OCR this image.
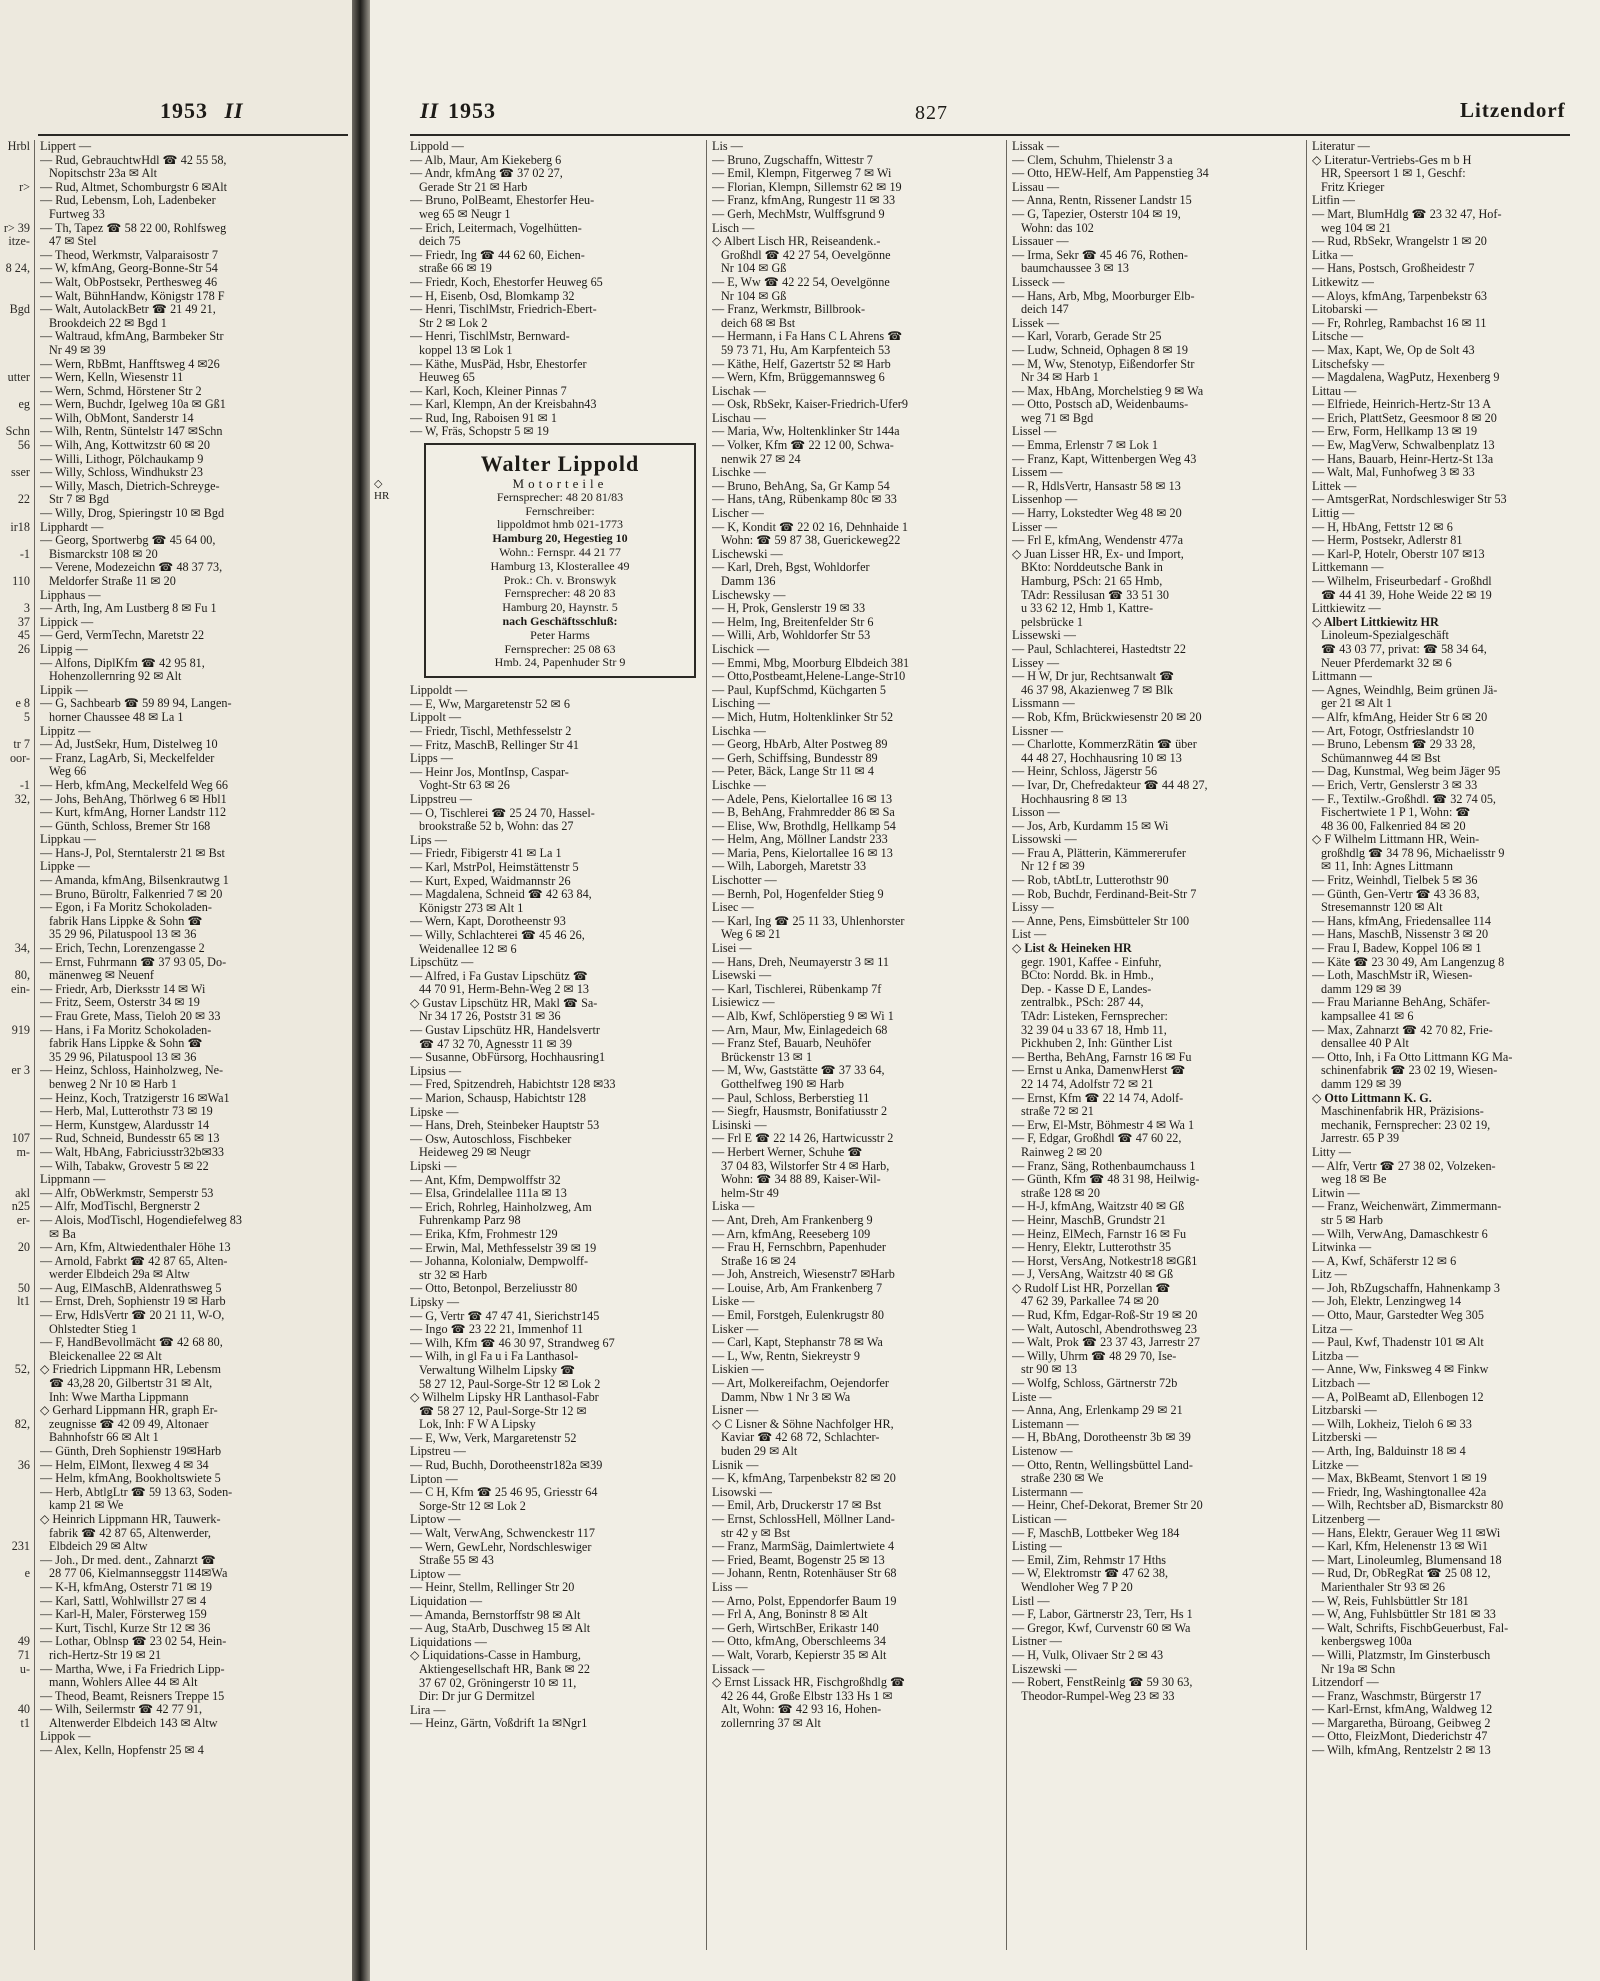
Hrbl
r>
r> 39
itze-
8 24,
Bgd
utter
eg
Schn
56
sser
22
ir18
-1
110
3
37
45
26
e 8
5
tr 7
oor-
-1
32,
34,
80,
ein-
919
er 3
107
m-
akl
n25
er-
20
50
lt1
52,
82,
36
231
e
49
71
u-
40
t1
1953 II
Lippert —
— Rud, GebrauchtwHdl ☎ 42 55 58,
Nopitschstr 23a ✉ Alt
— Rud, Altmet, Schomburgstr 6 ✉Alt
— Rud, Lebensm, Loh, Ladenbeker
Furtweg 33
— Th, Tapez ☎ 58 22 00, Rohlfsweg
47 ✉ Stel
— Theod, Werkmstr, Valparaisostr 7
— W, kfmAng, Georg-Bonne-Str 54
— Walt, ObPostsekr, Perthesweg 46
— Walt, BühnHandw, Königstr 178 F
— Walt, AutolackBetr ☎ 21 49 21,
Brookdeich 22 ✉ Bgd 1
— Waltraud, kfmAng, Barmbeker Str
Nr 49 ✉ 39
— Wern, RbBmt, Hanfftsweg 4 ✉26
— Wern, Kelln, Wiesenstr 11
— Wern, Schmd, Hörstener Str 2
— Wern, Buchdr, Igelweg 10a ✉ Gß1
— Wilh, ObMont, Sanderstr 14
— Wilh, Rentn, Süntelstr 147 ✉Schn
— Wilh, Ang, Kottwitzstr 60 ✉ 20
— Willi, Lithogr, Pölchaukamp 9
— Willy, Schloss, Windhukstr 23
— Willy, Masch, Dietrich-Schreyge-
Str 7 ✉ Bgd
— Willy, Drog, Spieringstr 10 ✉ Bgd
Lipphardt —
— Georg, Sportwerbg ☎ 45 64 00,
Bismarckstr 108 ✉ 20
— Verene, Modezeichn ☎ 48 37 73,
Meldorfer Straße 11 ✉ 20
Lipphaus —
— Arth, Ing, Am Lustberg 8 ✉ Fu 1
Lippick —
— Gerd, VermTechn, Maretstr 22
Lippig —
— Alfons, DiplKfm ☎ 42 95 81,
Hohenzollernring 92 ✉ Alt
Lippik —
— G, Sachbearb ☎ 59 89 94, Langen-
horner Chaussee 48 ✉ La 1
Lippitz —
— Ad, JustSekr, Hum, Distelweg 10
— Franz, LagArb, Si, Meckelfelder
Weg 66
— Herb, kfmAng, Meckelfeld Weg 66
— Johs, BehAng, Thörlweg 6 ✉ Hbl1
— Kurt, kfmAng, Horner Landstr 112
— Günth, Schloss, Bremer Str 168
Lippkau —
— Hans-J, Pol, Sterntalerstr 21 ✉ Bst
Lippke —
— Amanda, kfmAng, Bilsenkrautwg 1
— Bruno, Büroltr, Falkenried 7 ✉ 20
— Egon, i Fa Moritz Schokoladen-
fabrik Hans Lippke & Sohn ☎
35 29 96, Pilatuspool 13 ✉ 36
— Erich, Techn, Lorenzengasse 2
— Ernst, Fuhrmann ☎ 37 93 05, Do-
mänenweg ✉ Neuenf
— Friedr, Arb, Dierksstr 14 ✉ Wi
— Fritz, Seem, Osterstr 34 ✉ 19
— Frau Grete, Mass, Tieloh 20 ✉ 33
— Hans, i Fa Moritz Schokoladen-
fabrik Hans Lippke & Sohn ☎
35 29 96, Pilatuspool 13 ✉ 36
— Heinz, Schloss, Hainholzweg, Ne-
benweg 2 Nr 10 ✉ Harb 1
— Heinz, Koch, Tratzigerstr 16 ✉Wa1
— Herb, Mal, Lutterothstr 73 ✉ 19
— Herm, Kunstgew, Alardusstr 14
— Rud, Schneid, Bundesstr 65 ✉ 13
— Walt, HbAng, Fabriciusstr32b✉33
— Wilh, Tabakw, Grovestr 5 ✉ 22
Lippmann —
— Alfr, ObWerkmstr, Semperstr 53
— Alfr, ModTischl, Bergnerstr 2
— Alois, ModTischl, Hogendiefelweg 83
✉ Ba
— Arn, Kfm, Altwiedenthaler Höhe 13
— Arnold, Fabrkt ☎ 42 87 65, Alten-
werder Elbdeich 29a ✉ Altw
— Aug, ElMaschB, Aldenrathsweg 5
— Ernst, Dreh, Sophienstr 19 ✉ Harb
— Erw, HdlsVertr ☎ 20 21 11, W-O,
Ohlstedter Stieg 1
— F, HandBevollmächt ☎ 42 68 80,
Bleickenallee 22 ✉ Alt
◇ Friedrich Lippmann HR, Lebensm
☎ 43,28 20, Gilbertstr 31 ✉ Alt,
Inh: Wwe Martha Lippmann
◇ Gerhard Lippmann HR, graph Er-
zeugnisse ☎ 42 09 49, Altonaer
Bahnhofstr 66 ✉ Alt 1
— Günth, Dreh Sophienstr 19✉Harb
— Helm, ElMont, Ilexweg 4 ✉ 34
— Helm, kfmAng, Bookholtswiete 5
— Herb, AbtlgLtr ☎ 59 13 63, Soden-
kamp 21 ✉ We
◇ Heinrich Lippmann HR, Tauwerk-
fabrik ☎ 42 87 65, Altenwerder,
Elbdeich 29 ✉ Altw
— Joh., Dr med. dent., Zahnarzt ☎
28 77 06, Kielmannseggstr 114✉Wa
— K-H, kfmAng, Osterstr 71 ✉ 19
— Karl, Sattl, Wohlwillstr 27 ✉ 4
— Karl-H, Maler, Försterweg 159
— Kurt, Tischl, Kurze Str 12 ✉ 36
— Lothar, Oblnsp ☎ 23 02 54, Hein-
rich-Hertz-Str 19 ✉ 21
— Martha, Wwe, i Fa Friedrich Lipp-
mann, Wohlers Allee 44 ✉ Alt
— Theod, Beamt, Reisners Treppe 15
— Wilh, Seilermstr ☎ 42 77 91,
Altenwerder Elbdeich 143 ✉ Altw
Lippok —
— Alex, Kelln, Hopfenstr 25 ✉ 4
II 1953	827	Litzendorf
Lippold —
— Alb, Maur, Am Kiekeberg 6
— Andr, kfmAng ☎ 37 02 27,
Gerade Str 21 ✉ Harb
— Bruno, PolBeamt, Ehestorfer Heu-
weg 65 ✉ Neugr 1
— Erich, Leitermach, Vogelhütten-
deich 75
— Friedr, Ing ☎ 44 62 60, Eichen-
straße 66 ✉ 19
— Friedr, Koch, Ehestorfer Heuweg 65
— H, Eisenb, Osd, Blomkamp 32
— Henri, TischlMstr, Friedrich-Ebert-
Str 2 ✉ Lok 2
— Henri, TischlMstr, Bernward-
koppel 13 ✉ Lok 1
— Käthe, MusPäd, Hsbr, Ehestorfer
Heuweg 65
— Karl, Koch, Kleiner Pinnas 7
— Karl, Klempn, An der Kreisbahn43
— Rud, Ing, Raboisen 91 ✉ 1
— W, Fräs, Schopstr 5 ✉ 19
Walter Lippold
Motorteile
Fernsprecher: 48 20 81/83
Fernschreiber:
lippoldmot hmb 021-1773
Hamburg 20, Hegestieg 10
Wohn.: Fernspr. 44 21 77
Hamburg 13, Klosterallee 49
Prok.: Ch. v. Bronswyk
Fernsprecher: 48 20 83
Hamburg 20, Haynstr. 5
nach Geschäftsschluß:
Peter Harms
Fernsprecher: 25 08 63
Hmb. 24, Papenhuder Str 9
Lippoldt —
— E, Ww, Margaretenstr 52 ✉ 6
Lippolt —
— Friedr, Tischl, Methfesselstr 2
— Fritz, MaschB, Rellinger Str 41
Lipps —
— Heinr Jos, MontInsp, Caspar-
Voght-Str 63 ✉ 26
Lippstreu —
— O, Tischlerei ☎ 25 24 70, Hassel-
brookstraße 52 b, Wohn: das 27
Lips —
— Friedr, Fibigerstr 41 ✉ La 1
— Karl, MstrPol, Heimstättenstr 5
— Kurt, Exped, Waidmannstr 26
— Magdalena, Schneid ☎ 42 63 84,
Königstr 273 ✉ Alt 1
— Wern, Kapt, Dorotheenstr 93
— Willy, Schlachterei ☎ 45 46 26,
Weidenallee 12 ✉ 6
Lipschütz —
— Alfred, i Fa Gustav Lipschütz ☎
44 70 91, Herm-Behn-Weg 2 ✉ 13
◇ Gustav Lipschütz HR, Makl ☎ Sa-
Nr 34 17 26, Poststr 31 ✉ 36
— Gustav Lipschütz HR, Handelsvertr
☎ 47 32 70, Agnesstr 11 ✉ 39
— Susanne, ObFürsorg, Hochhausring1
Lipsius —
— Fred, Spitzendreh, Habichtstr 128 ✉33
— Marion, Schausp, Habichtstr 128
Lipske —
— Hans, Dreh, Steinbeker Hauptstr 53
— Osw, Autoschloss, Fischbeker
Heideweg 29 ✉ Neugr
Lipski —
— Ant, Kfm, Dempwolffstr 32
— Elsa, Grindelallee 111a ✉ 13
— Erich, Rohrleg, Hainholzweg, Am
Fuhrenkamp Parz 98
— Erika, Kfm, Frohmestr 129
— Erwin, Mal, Methfesselstr 39 ✉ 19
— Johanna, Kolonialw, Dempwolff-
str 32 ✉ Harb
— Otto, Betonpol, Berzeliusstr 80
Lipsky —
— G, Vertr ☎ 47 47 41, Sierichstr145
— Ingo ☎ 23 22 21, Immenhof 11
— Wilh, Kfm ☎ 46 30 97, Strandweg 67
— Wilh, in gl Fa u i Fa Lanthasol-
Verwaltung Wilhelm Lipsky ☎
58 27 12, Paul-Sorge-Str 12 ✉ Lok 2
◇ Wilhelm Lipsky HR Lanthasol-Fabr
☎ 58 27 12, Paul-Sorge-Str 12 ✉
Lok, Inh: F W A Lipsky
— E, Ww, Verk, Margaretenstr 52
Lipstreu —
— Rud, Buchh, Dorotheenstr182a ✉39
Lipton —
— C H, Kfm ☎ 25 46 95, Griesstr 64
Sorge-Str 12 ✉ Lok 2
Liptow —
— Walt, VerwAng, Schwenckestr 117
— Wern, GewLehr, Nordschleswiger
Straße 55 ✉ 43
Liptow —
— Heinr, Stellm, Rellinger Str 20
Liquidation —
— Amanda, Bernstorffstr 98 ✉ Alt
— Aug, StaArb, Duschweg 15 ✉ Alt
Liquidations —
◇ Liquidations-Casse in Hamburg,
Aktiengesellschaft HR, Bank ✉ 22
37 67 02, Gröningerstr 10 ✉ 11,
Dir: Dr jur G Dermitzel
Lira —
— Heinz, Gärtn, Voßdrift 1a ✉Ngr1
Lis —
— Bruno, Zugschaffn, Wittestr 7
— Emil, Klempn, Fitgerweg 7 ✉ Wi
— Florian, Klempn, Sillemstr 62 ✉ 19
— Franz, kfmAng, Rungestr 11 ✉ 33
— Gerh, MechMstr, Wulffsgrund 9
Lisch —
◇ Albert Lisch HR, Reiseandenk.-
Großhdl ☎ 42 27 54, Oevelgönne
Nr 104 ✉ Gß
— E, Ww ☎ 42 22 54, Oevelgönne
Nr 104 ✉ Gß
— Franz, Werkmstr, Billbrook-
deich 68 ✉ Bst
— Hermann, i Fa Hans C L Ahrens ☎
59 73 71, Hu, Am Karpfenteich 53
— Käthe, Helf, Gazertstr 52 ✉ Harb
— Wern, Kfm, Brüggemannsweg 6
Lischak —
— Osk, RbSekr, Kaiser-Friedrich-Ufer9
Lischau —
— Maria, Ww, Holtenklinker Str 144a
— Volker, Kfm ☎ 22 12 00, Schwa-
nenwik 27 ✉ 24
Lischke —
— Bruno, BehAng, Sa, Gr Kamp 54
— Hans, tAng, Rübenkamp 80c ✉ 33
Lischer —
— K, Kondit ☎ 22 02 16, Dehnhaide 1
Wohn: ☎ 59 87 38, Guerickeweg22
Lischewski —
— Karl, Dreh, Bgst, Wohldorfer
Damm 136
Lischewsky —
— H, Prok, Genslerstr 19 ✉ 33
— Helm, Ing, Breitenfelder Str 6
— Willi, Arb, Wohldorfer Str 53
Lischick —
— Emmi, Mbg, Moorburg Elbdeich 381
— Otto,Postbeamt,Helene-Lange-Str10
— Paul, KupfSchmd, Küchgarten 5
Lisching —
— Mich, Hutm, Holtenklinker Str 52
Lischka —
— Georg, HbArb, Alter Postweg 89
— Gerh, Schiffsing, Bundesstr 89
— Peter, Bäck, Lange Str 11 ✉ 4
Lischke —
— Adele, Pens, Kielortallee 16 ✉ 13
— B, BehAng, Frahmredder 86 ✉ Sa
— Elise, Ww, Brothdlg, Hellkamp 54
— Helm, Ang, Möllner Landstr 233
— Maria, Pens, Kielortallee 16 ✉ 13
— Wilh, Laborgeh, Maretstr 33
Lischotter —
— Bernh, Pol, Hogenfelder Stieg 9
Lisec —
— Karl, Ing ☎ 25 11 33, Uhlenhorster
Weg 6 ✉ 21
Lisei —
— Hans, Dreh, Neumayerstr 3 ✉ 11
Lisewski —
— Karl, Tischlerei, Rübenkamp 7f
Lisiewicz —
— Alb, Kwf, Schlöperstieg 9 ✉ Wi 1
— Arn, Maur, Mw, Einlagedeich 68
— Franz Stef, Bauarb, Neuhöfer
Brückenstr 13 ✉ 1
— M, Ww, Gaststätte ☎ 37 33 64,
Gotthelfweg 190 ✉ Harb
— Paul, Schloss, Berberstieg 11
— Siegfr, Hausmstr, Bonifatiusstr 2
Lisinski —
— Frl E ☎ 22 14 26, Hartwicusstr 2
— Herbert Werner, Schuhe ☎
37 04 83, Wilstorfer Str 4 ✉ Harb,
Wohn: ☎ 34 88 89, Kaiser-Wil-
helm-Str 49
Liska —
— Ant, Dreh, Am Frankenberg 9
— Arn, kfmAng, Reeseberg 109
— Frau H, Fernschbrn, Papenhuder
Straße 16 ✉ 24
— Joh, Anstreich, Wiesenstr7 ✉Harb
— Louise, Arb, Am Frankenberg 7
Liske —
— Emil, Forstgeh, Eulenkrugstr 80
Lisker —
— Carl, Kapt, Stephanstr 78 ✉ Wa
— L, Ww, Rentn, Siekreystr 9
Liskien —
— Art, Molkereifachm, Oejendorfer
Damm, Nbw 1 Nr 3 ✉ Wa
Lisner —
◇ C Lisner & Söhne Nachfolger HR,
Kaviar ☎ 42 68 72, Schlachter-
buden 29 ✉ Alt
Lisnik —
— K, kfmAng, Tarpenbekstr 82 ✉ 20
Lisowski —
— Emil, Arb, Druckerstr 17 ✉ Bst
— Ernst, SchlossHell, Möllner Land-
str 42 y ✉ Bst
— Franz, MarmSäg, Daimlertwiete 4
— Fried, Beamt, Bogenstr 25 ✉ 13
— Johann, Rentn, Rotenhäuser Str 68
Liss —
— Arno, Polst, Eppendorfer Baum 19
— Frl A, Ang, Boninstr 8 ✉ Alt
— Gerh, WirtschBer, Erikastr 140
— Otto, kfmAng, Oberschleems 34
— Walt, Vorarb, Kepierstr 35 ✉ Alt
Lissack —
◇ Ernst Lissack HR, Fischgroßhdlg ☎
42 26 44, Große Elbstr 133 Hs 1 ✉
Alt, Wohn: ☎ 42 93 16, Hohen-
zollernring 37 ✉ Alt
Lissak —
— Clem, Schuhm, Thielenstr 3 a
— Otto, HEW-Helf, Am Pappenstieg 34
Lissau —
— Anna, Rentn, Rissener Landstr 15
— G, Tapezier, Osterstr 104 ✉ 19,
Wohn: das 102
Lissauer —
— Irma, Sekr ☎ 45 46 76, Rothen-
baumchaussee 3 ✉ 13
Lisseck —
— Hans, Arb, Mbg, Moorburger Elb-
deich 147
Lissek —
— Karl, Vorarb, Gerade Str 25
— Ludw, Schneid, Ophagen 8 ✉ 19
— M, Ww, Stenotyp, Eißendorfer Str
Nr 34 ✉ Harb 1
— Max, HbAng, Morchelstieg 9 ✉ Wa
— Otto, Postsch aD, Weidenbaums-
weg 71 ✉ Bgd
Lissel —
— Emma, Erlenstr 7 ✉ Lok 1
— Franz, Kapt, Wittenbergen Weg 43
Lissem —
— R, HdlsVertr, Hansastr 58 ✉ 13
Lissenhop —
— Harry, Lokstedter Weg 48 ✉ 20
Lisser —
— Frl E, kfmAng, Wendenstr 477a
◇ Juan Lisser HR, Ex- und Import,
BKto: Norddeutsche Bank in
Hamburg, PSch: 21 65 Hmb,
TAdr: Ressilusan ☎ 33 51 30
u 33 62 12, Hmb 1, Kattre-
pelsbrücke 1
Lissewski —
— Paul, Schlachterei, Hastedtstr 22
Lissey —
— H W, Dr jur, Rechtsanwalt ☎
46 37 98, Akazienweg 7 ✉ Blk
Lissmann —
— Rob, Kfm, Brückwiesenstr 20 ✉ 20
Lissner —
— Charlotte, KommerzRätin ☎ über
44 48 27, Hochhausring 10 ✉ 13
— Heinr, Schloss, Jägerstr 56
— Ivar, Dr, Chefredakteur ☎ 44 48 27,
Hochhausring 8 ✉ 13
Lisson —
— Jos, Arb, Kurdamm 15 ✉ Wi
Lissowski —
— Frau A, Plätterin, Kämmererufer
Nr 12 f ✉ 39
— Rob, tAbtLtr, Lutterothstr 90
— Rob, Buchdr, Ferdinand-Beit-Str 7
Lissy —
— Anne, Pens, Eimsbütteler Str 100
List —
◇ List & Heineken HR
gegr. 1901, Kaffee - Einfuhr,
BCto: Nordd. Bk. in Hmb.,
Dep. - Kasse D E, Landes-
zentralbk., PSch: 287 44,
TAdr: Listeken, Fernsprecher:
32 39 04 u 33 67 18, Hmb 11,
Pickhuben 2, Inh: Günther List
— Bertha, BehAng, Farnstr 16 ✉ Fu
— Ernst u Anka, DamenwHerst ☎
22 14 74, Adolfstr 72 ✉ 21
— Ernst, Kfm ☎ 22 14 74, Adolf-
straße 72 ✉ 21
— Erw, El-Mstr, Böhmestr 4 ✉ Wa 1
— F, Edgar, Großhdl ☎ 47 60 22,
Rainweg 2 ✉ 20
— Franz, Säng, Rothenbaumchauss 1
— Günth, Kfm ☎ 48 31 98, Heilwig-
straße 128 ✉ 20
— H-J, kfmAng, Waitzstr 40 ✉ Gß
— Heinr, MaschB, Grundstr 21
— Heinz, ElMech, Farnstr 16 ✉ Fu
— Henry, Elektr, Lutterothstr 35
— Horst, VersAng, Notkestr18 ✉Gß1
— J, VersAng, Waitzstr 40 ✉ Gß
◇ Rudolf List HR, Porzellan ☎
47 62 39, Parkallee 74 ✉ 20
— Rud, Kfm, Edgar-Roß-Str 19 ✉ 20
— Walt, Autoschl, Abendrothsweg 23
— Walt, Prok ☎ 23 37 43, Jarrestr 27
— Willy, Uhrm ☎ 48 29 70, Ise-
str 90 ✉ 13
— Wolfg, Schloss, Gärtnerstr 72b
Liste —
— Anna, Ang, Erlenkamp 29 ✉ 21
Listemann —
— H, BbAng, Dorotheenstr 3b ✉ 39
Listenow —
— Otto, Rentn, Wellingsbüttel Land-
straße 230 ✉ We
Listermann —
— Heinr, Chef-Dekorat, Bremer Str 20
Listican —
— F, MaschB, Lottbeker Weg 184
Listing —
— Emil, Zim, Rehmstr 17 Hths
— W, Elektromstr ☎ 47 62 38,
Wendloher Weg 7 P 20
Listl —
— F, Labor, Gärtnerstr 23, Terr, Hs 1
— Gregor, Kwf, Curvenstr 60 ✉ Wa
Listner —
— H, Vulk, Olivaer Str 2 ✉ 43
Liszewski —
— Robert, FenstReinlg ☎ 59 30 63,
Theodor-Rumpel-Weg 23 ✉ 33
Literatur —
◇ Literatur-Vertriebs-Ges m b H
HR, Speersort 1 ✉ 1, Geschf:
Fritz Krieger
Litfin —
— Mart, BlumHdlg ☎ 23 32 47, Hof-
weg 104 ✉ 21
— Rud, RbSekr, Wrangelstr 1 ✉ 20
Litka —
— Hans, Postsch, Großheidestr 7
Litkewitz —
— Aloys, kfmAng, Tarpenbekstr 63
Litobarski —
— Fr, Rohrleg, Rambachst 16 ✉ 11
Litsche —
— Max, Kapt, We, Op de Solt 43
Litschefsky —
— Magdalena, WagPutz, Hexenberg 9
Littau —
— Elfriede, Heinrich-Hertz-Str 13 A
— Erich, PlattSetz, Geesmoor 8 ✉ 20
— Erw, Form, Hellkamp 13 ✉ 19
— Ew, MagVerw, Schwalbenplatz 13
— Hans, Bauarb, Heinr-Hertz-St 13a
— Walt, Mal, Funhofweg 3 ✉ 33
Littek —
— AmtsgerRat, Nordschleswiger Str 53
Littig —
— H, HbAng, Fettstr 12 ✉ 6
— Herm, Postsekr, Adlerstr 81
— Karl-P, Hotelr, Oberstr 107 ✉13
Littkemann —
— Wilhelm, Friseurbedarf - Großhdl
☎ 44 41 39, Hohe Weide 22 ✉ 19
Littkiewitz —
◇ Albert Littkiewitz HR
Linoleum-Spezialgeschäft
☎ 43 03 77, privat: ☎ 58 34 64,
Neuer Pferdemarkt 32 ✉ 6
Littmann —
— Agnes, Weindhlg, Beim grünen Jä-
ger 21 ✉ Alt 1
— Alfr, kfmAng, Heider Str 6 ✉ 20
— Art, Fotogr, Ostfrieslandstr 10
— Bruno, Lebensm ☎ 29 33 28,
Schümannweg 44 ✉ Bst
— Dag, Kunstmal, Weg beim Jäger 95
— Erich, Vertr, Genslerstr 3 ✉ 33
— F., Textilw.-Großhdl. ☎ 32 74 05,
Fischertwiete 1 P 1, Wohn: ☎
48 36 00, Falkenried 84 ✉ 20
◇ F Wilhelm Littmann HR, Wein-
großhdlg ☎ 34 78 96, Michaelisstr 9
✉ 11, Inh: Agnes Littmann
— Fritz, Weinhdl, Tielbek 5 ✉ 36
— Günth, Gen-Vertr ☎ 43 36 83,
Stresemannstr 120 ✉ Alt
— Hans, kfmAng, Friedensallee 114
— Hans, MaschB, Nissenstr 3 ✉ 20
— Frau I, Badew, Koppel 106 ✉ 1
— Käte ☎ 23 30 49, Am Langenzug 8
— Loth, MaschMstr iR, Wiesen-
damm 129 ✉ 39
— Frau Marianne BehAng, Schäfer-
kampsallee 41 ✉ 6
— Max, Zahnarzt ☎ 42 70 82, Frie-
densallee 40 P Alt
— Otto, Inh, i Fa Otto Littmann KG Ma-
schinenfabrik ☎ 23 02 19, Wiesen-
damm 129 ✉ 39
◇ Otto Littmann K. G.
Maschinenfabrik HR, Präzisions-
mechanik, Fernsprecher: 23 02 19,
Jarrestr. 65 P 39
Litty —
— Alfr, Vertr ☎ 27 38 02, Volzeken-
weg 18 ✉ Be
Litwin —
— Franz, Weichenwärt, Zimmermann-
str 5 ✉ Harb
— Wilh, VerwAng, Damaschkestr 6
Litwinka —
— A, Kwf, Schäferstr 12 ✉ 6
Litz —
— Joh, RbZugschaffn, Hahnenkamp 3
— Joh, Elektr, Lenzingweg 14
— Otto, Maur, Garstedter Weg 305
Litza —
— Paul, Kwf, Thadenstr 101 ✉ Alt
Litzba —
— Anne, Ww, Finksweg 4 ✉ Finkw
Litzbach —
— A, PolBeamt aD, Ellenbogen 12
Litzbarski —
— Wilh, Lokheiz, Tieloh 6 ✉ 33
Litzberski —
— Arth, Ing, Balduinstr 18 ✉ 4
Litzke —
— Max, BkBeamt, Stenvort 1 ✉ 19
— Friedr, Ing, Washingtonallee 42a
— Wilh, Rechtsber aD, Bismarckstr 80
Litzenberg —
— Hans, Elektr, Gerauer Weg 11 ✉Wi
— Karl, Kfm, Helenenstr 13 ✉ Wi1
— Mart, Linoleumleg, Blumensand 18
— Rud, Dr, ObRegRat ☎ 25 08 12,
Marienthaler Str 93 ✉ 26
— W, Reis, Fuhlsbüttler Str 181
— W, Ang, Fuhlsbüttler Str 181 ✉ 33
— Walt, Schrifts, FischbGeuerbust, Fal-
kenbergsweg 100a
— Willi, Platzmstr, Im Ginsterbusch
Nr 19a ✉ Schn
Litzendorf —
— Franz, Waschmstr, Bürgerstr 17
— Karl-Ernst, kfmAng, Waldweg 12
— Margaretha, Büroang, Geibweg 2
— Otto, FleizMont, Diederichstr 47
— Wilh, kfmAng, Rentzelstr 2 ✉ 13
◇
HR
